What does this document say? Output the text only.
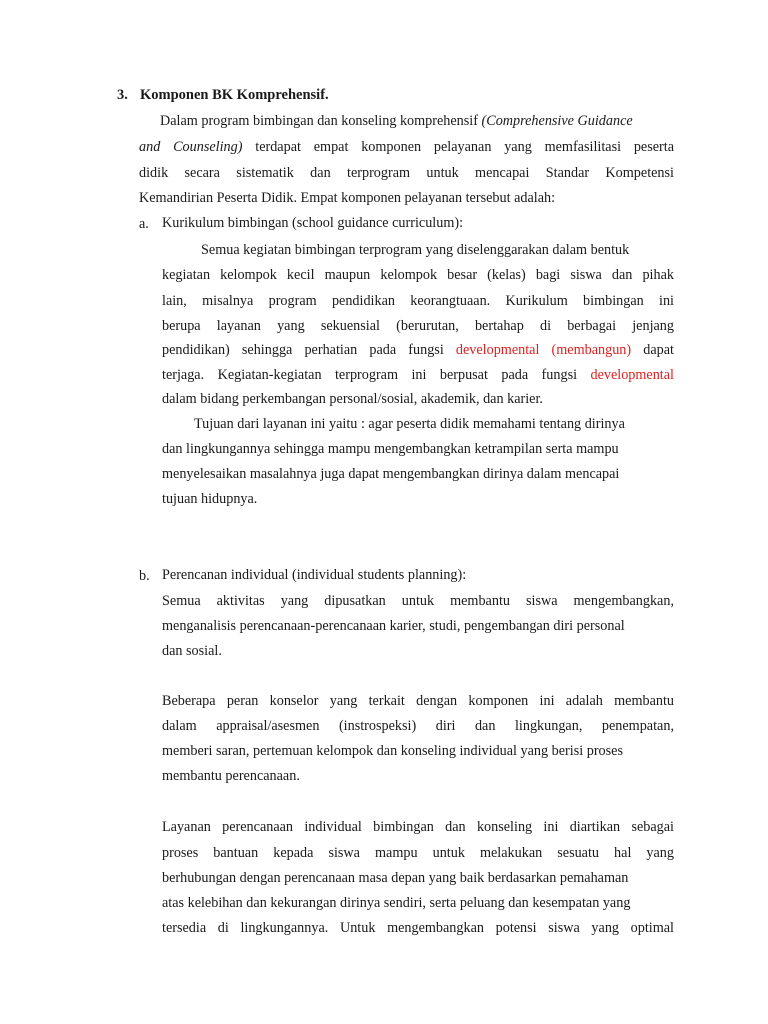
3. Komponen BK Komprehensif.
Dalam program bimbingan dan konseling komprehensif (Comprehensive Guidance
and Counseling) terdapat empat komponen pelayanan yang memfasilitasi peserta
didik secara sistematik dan terprogram untuk mencapai Standar Kompetensi
Kemandirian Peserta Didik. Empat komponen pelayanan tersebut adalah:
a. Kurikulum bimbingan (school guidance curriculum):
Semua kegiatan bimbingan terprogram yang diselenggarakan dalam bentuk
kegiatan kelompok kecil maupun kelompok besar (kelas) bagi siswa dan pihak
lain, misalnya program pendidikan keorangtuaan. Kurikulum bimbingan ini
berupa layanan yang sekuensial (berurutan, bertahap di berbagai jenjang
pendidikan) sehingga perhatian pada fungsi developmental (membangun) dapat
terjaga. Kegiatan-kegiatan terprogram ini berpusat pada fungsi developmental
dalam bidang perkembangan personal/sosial, akademik, dan karier.
Tujuan dari layanan ini yaitu : agar peserta didik memahami tentang dirinya
dan lingkungannya sehingga mampu mengembangkan ketrampilan serta mampu
menyelesaikan masalahnya juga dapat mengembangkan dirinya dalam mencapai
tujuan hidupnya.
b. Perencanan individual (individual students planning):
Semua aktivitas yang dipusatkan untuk membantu siswa mengembangkan,
menganalisis perencanaan-perencanaan karier, studi, pengembangan diri personal
dan sosial.
Beberapa peran konselor yang terkait dengan komponen ini adalah membantu
dalam appraisal/asesmen (instrospeksi) diri dan lingkungan, penempatan,
memberi saran, pertemuan kelompok dan konseling individual yang berisi proses
membantu perencanaan.
Layanan perencanaan individual bimbingan dan konseling ini diartikan sebagai
proses bantuan kepada siswa mampu untuk melakukan sesuatu hal yang
berhubungan dengan perencanaan masa depan yang baik berdasarkan pemahaman
atas kelebihan dan kekurangan dirinya sendiri, serta peluang dan kesempatan yang
tersedia di lingkungannya. Untuk mengembangkan potensi siswa yang optimal
